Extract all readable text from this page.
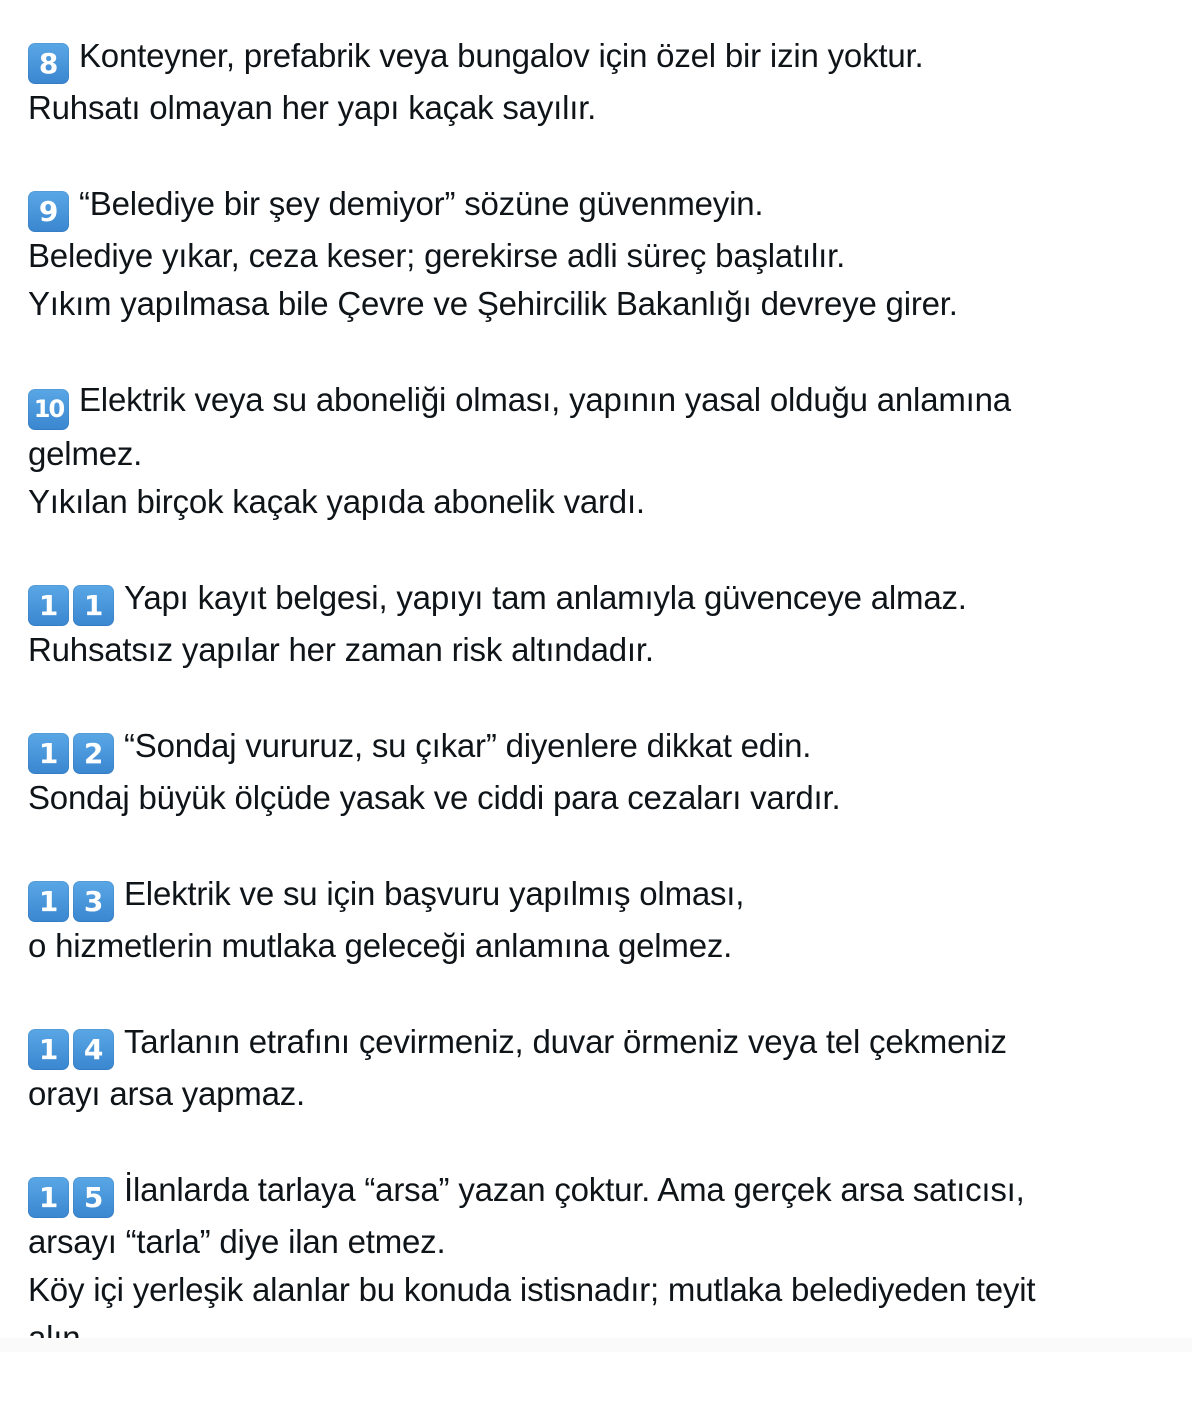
8 Konteyner, prefabrik veya bungalov için özel bir izin yoktur.
Ruhsatı olmayan her yapı kaçak sayılır.
9 “Belediye bir şey demiyor” sözüne güvenmeyin.
Belediye yıkar, ceza keser; gerekirse adli süreç başlatılır.
Yıkım yapılmasa bile Çevre ve Şehircilik Bakanlığı devreye girer.
10 Elektrik veya su aboneliği olması, yapının yasal olduğu anlamına
gelmez.
Yıkılan birçok kaçak yapıda abonelik vardı.
1 1 Yapı kayıt belgesi, yapıyı tam anlamıyla güvenceye almaz.
Ruhsatsız yapılar her zaman risk altındadır.
1 2 “Sondaj vururuz, su çıkar” diyenlere dikkat edin.
Sondaj büyük ölçüde yasak ve ciddi para cezaları vardır.
1 3 Elektrik ve su için başvuru yapılmış olması,
o hizmetlerin mutlaka geleceği anlamına gelmez.
1 4 Tarlanın etrafını çevirmeniz, duvar örmeniz veya tel çekmeniz
orayı arsa yapmaz.
1 5 İlanlarda tarlaya “arsa” yazan çoktur. Ama gerçek arsa satıcısı,
arsayı “tarla” diye ilan etmez.
Köy içi yerleşik alanlar bu konuda istisnadır; mutlaka belediyeden teyit
